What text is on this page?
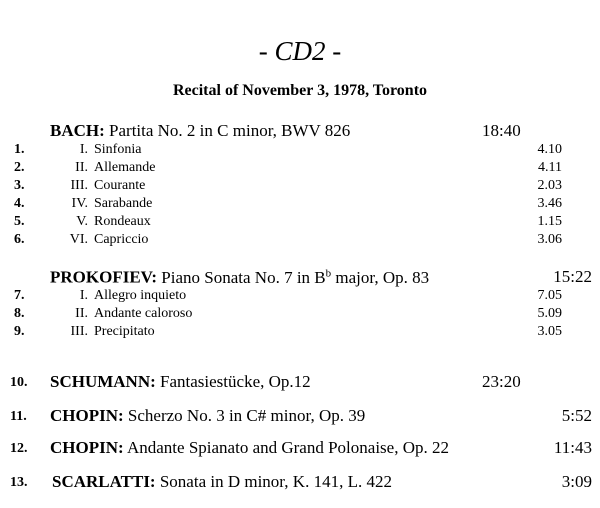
- CD2 -
Recital of November 3, 1978, Toronto
BACH: Partita No. 2 in C minor, BWV 826	18:40
1.	I. Sinfonia	4.10
2.	II. Allemande	4.11
3.	III. Courante	2.03
4.	IV. Sarabande	3.46
5.	V. Rondeaux	1.15
6.	VI. Capriccio	3.06
PROKOFIEV: Piano Sonata No. 7 in $B^b$ major, Op. 83	15:22
7.	I. Allegro inquieto	7.05
8.	II. Andante caloroso	5.09
9.	III. Precipitato	3.05
10. SCHUMANN: Fantasiestücke, Op.12	23:20
11. CHOPIN: Scherzo No. 3 in C# minor, Op. 39	5:52
12. CHOPIN: Andante Spianato and Grand Polonaise, Op. 22	11:43
13. SCARLATTI: Sonata in D minor, K. 141, L. 422	3:09
